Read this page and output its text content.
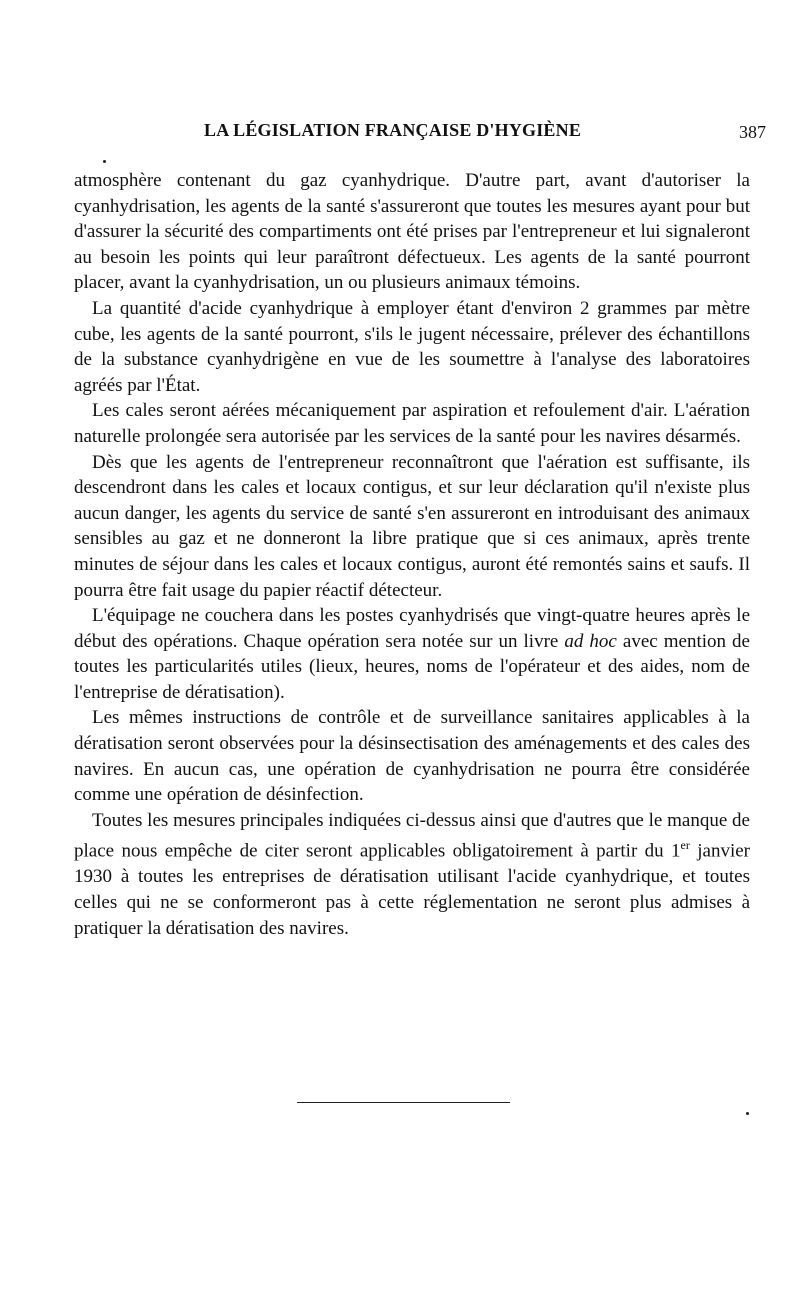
LA LÉGISLATION FRANÇAISE D'HYGIÈNE	387

atmosphère contenant du gaz cyanhydrique. D'autre part, avant d'autoriser la cyanhydrisation, les agents de la santé s'assureront que toutes les mesures ayant pour but d'assurer la sécurité des compartiments ont été prises par l'entrepreneur et lui signaleront au besoin les points qui leur paraîtront défectueux. Les agents de la santé pourront placer, avant la cyanhydrisation, un ou plusieurs animaux témoins.

La quantité d'acide cyanhydrique à employer étant d'environ 2 grammes par mètre cube, les agents de la santé pourront, s'ils le jugent nécessaire, prélever des échantillons de la substance cyanhydrigène en vue de les soumettre à l'analyse des laboratoires agréés par l'État.

Les cales seront aérées mécaniquement par aspiration et refoulement d'air. L'aération naturelle prolongée sera autorisée par les services de la santé pour les navires désarmés.

Dès que les agents de l'entrepreneur reconnaîtront que l'aération est suffisante, ils descendront dans les cales et locaux contigus, et sur leur déclaration qu'il n'existe plus aucun danger, les agents du service de santé s'en assureront en introduisant des animaux sensibles au gaz et ne donneront la libre pratique que si ces animaux, après trente minutes de séjour dans les cales et locaux contigus, auront été remontés sains et saufs. Il pourra être fait usage du papier réactif détecteur.

L'équipage ne couchera dans les postes cyanhydrisés que vingt-quatre heures après le début des opérations. Chaque opération sera notée sur un livre ad hoc avec mention de toutes les particularités utiles (lieux, heures, noms de l'opérateur et des aides, nom de l'entreprise de dératisation).

Les mêmes instructions de contrôle et de surveillance sanitaires applicables à la dératisation seront observées pour la désinsectisation des aménagements et des cales des navires. En aucun cas, une opération de cyanhydrisation ne pourra être considérée comme une opération de désinfection.

Toutes les mesures principales indiquées ci-dessus ainsi que d'autres que le manque de place nous empêche de citer seront applicables obligatoirement à partir du 1er janvier 1930 à toutes les entreprises de dératisation utilisant l'acide cyanhydrique, et toutes celles qui ne se conformeront pas à cette réglementation ne seront plus admises à pratiquer la dératisation des navires.
